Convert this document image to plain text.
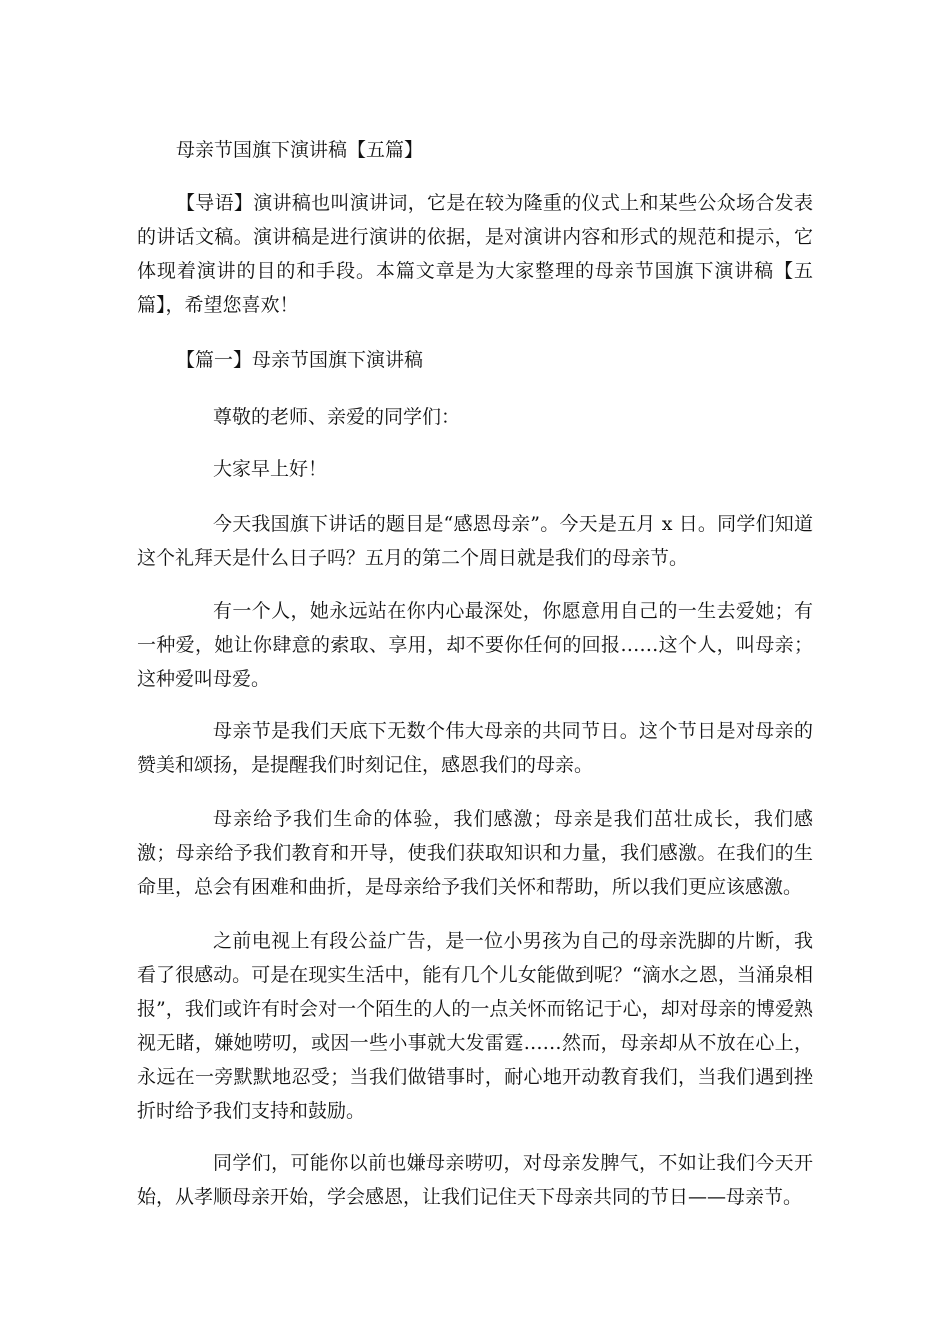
母亲节国旗下演讲稿【五篇】
【导语】演讲稿也叫演讲词，它是在较为隆重的仪式上和某些公众场合发表的讲话文稿。演讲稿是进行演讲的依据，是对演讲内容和形式的规范和提示，它体现着演讲的目的和手段。本篇文章是为大家整理的母亲节国旗下演讲稿【五篇】，希望您喜欢！
【篇一】母亲节国旗下演讲稿
尊敬的老师、亲爱的同学们：
大家早上好！
今天我国旗下讲话的题目是“感恩母亲”。今天是五月 x 日。同学们知道这个礼拜天是什么日子吗？五月的第二个周日就是我们的母亲节。
有一个人，她永远站在你内心最深处，你愿意用自己的一生去爱她；有一种爱，她让你肆意的索取、享用，却不要你任何的回报……这个人，叫母亲；这种爱叫母爱。
母亲节是我们天底下无数个伟大母亲的共同节日。这个节日是对母亲的赞美和颂扬，是提醒我们时刻记住，感恩我们的母亲。
母亲给予我们生命的体验，我们感激；母亲是我们茁壮成长，我们感激；母亲给予我们教育和开导，使我们获取知识和力量，我们感激。在我们的生命里，总会有困难和曲折，是母亲给予我们关怀和帮助，所以我们更应该感激。
之前电视上有段公益广告，是一位小男孩为自己的母亲洗脚的片断，我看了很感动。可是在现实生活中，能有几个儿女能做到呢？“滴水之恩，当涌泉相报”，我们或许有时会对一个陌生的人的一点关怀而铭记于心，却对母亲的博爱熟视无睹，嫌她唠叨，或因一些小事就大发雷霆……然而，母亲却从不放在心上，永远在一旁默默地忍受；当我们做错事时，耐心地开动教育我们，当我们遇到挫折时给予我们支持和鼓励。
同学们，可能你以前也嫌母亲唠叨，对母亲发脾气，不如让我们今天开始，从孝顺母亲开始，学会感恩，让我们记住天下母亲共同的节日——母亲节。
